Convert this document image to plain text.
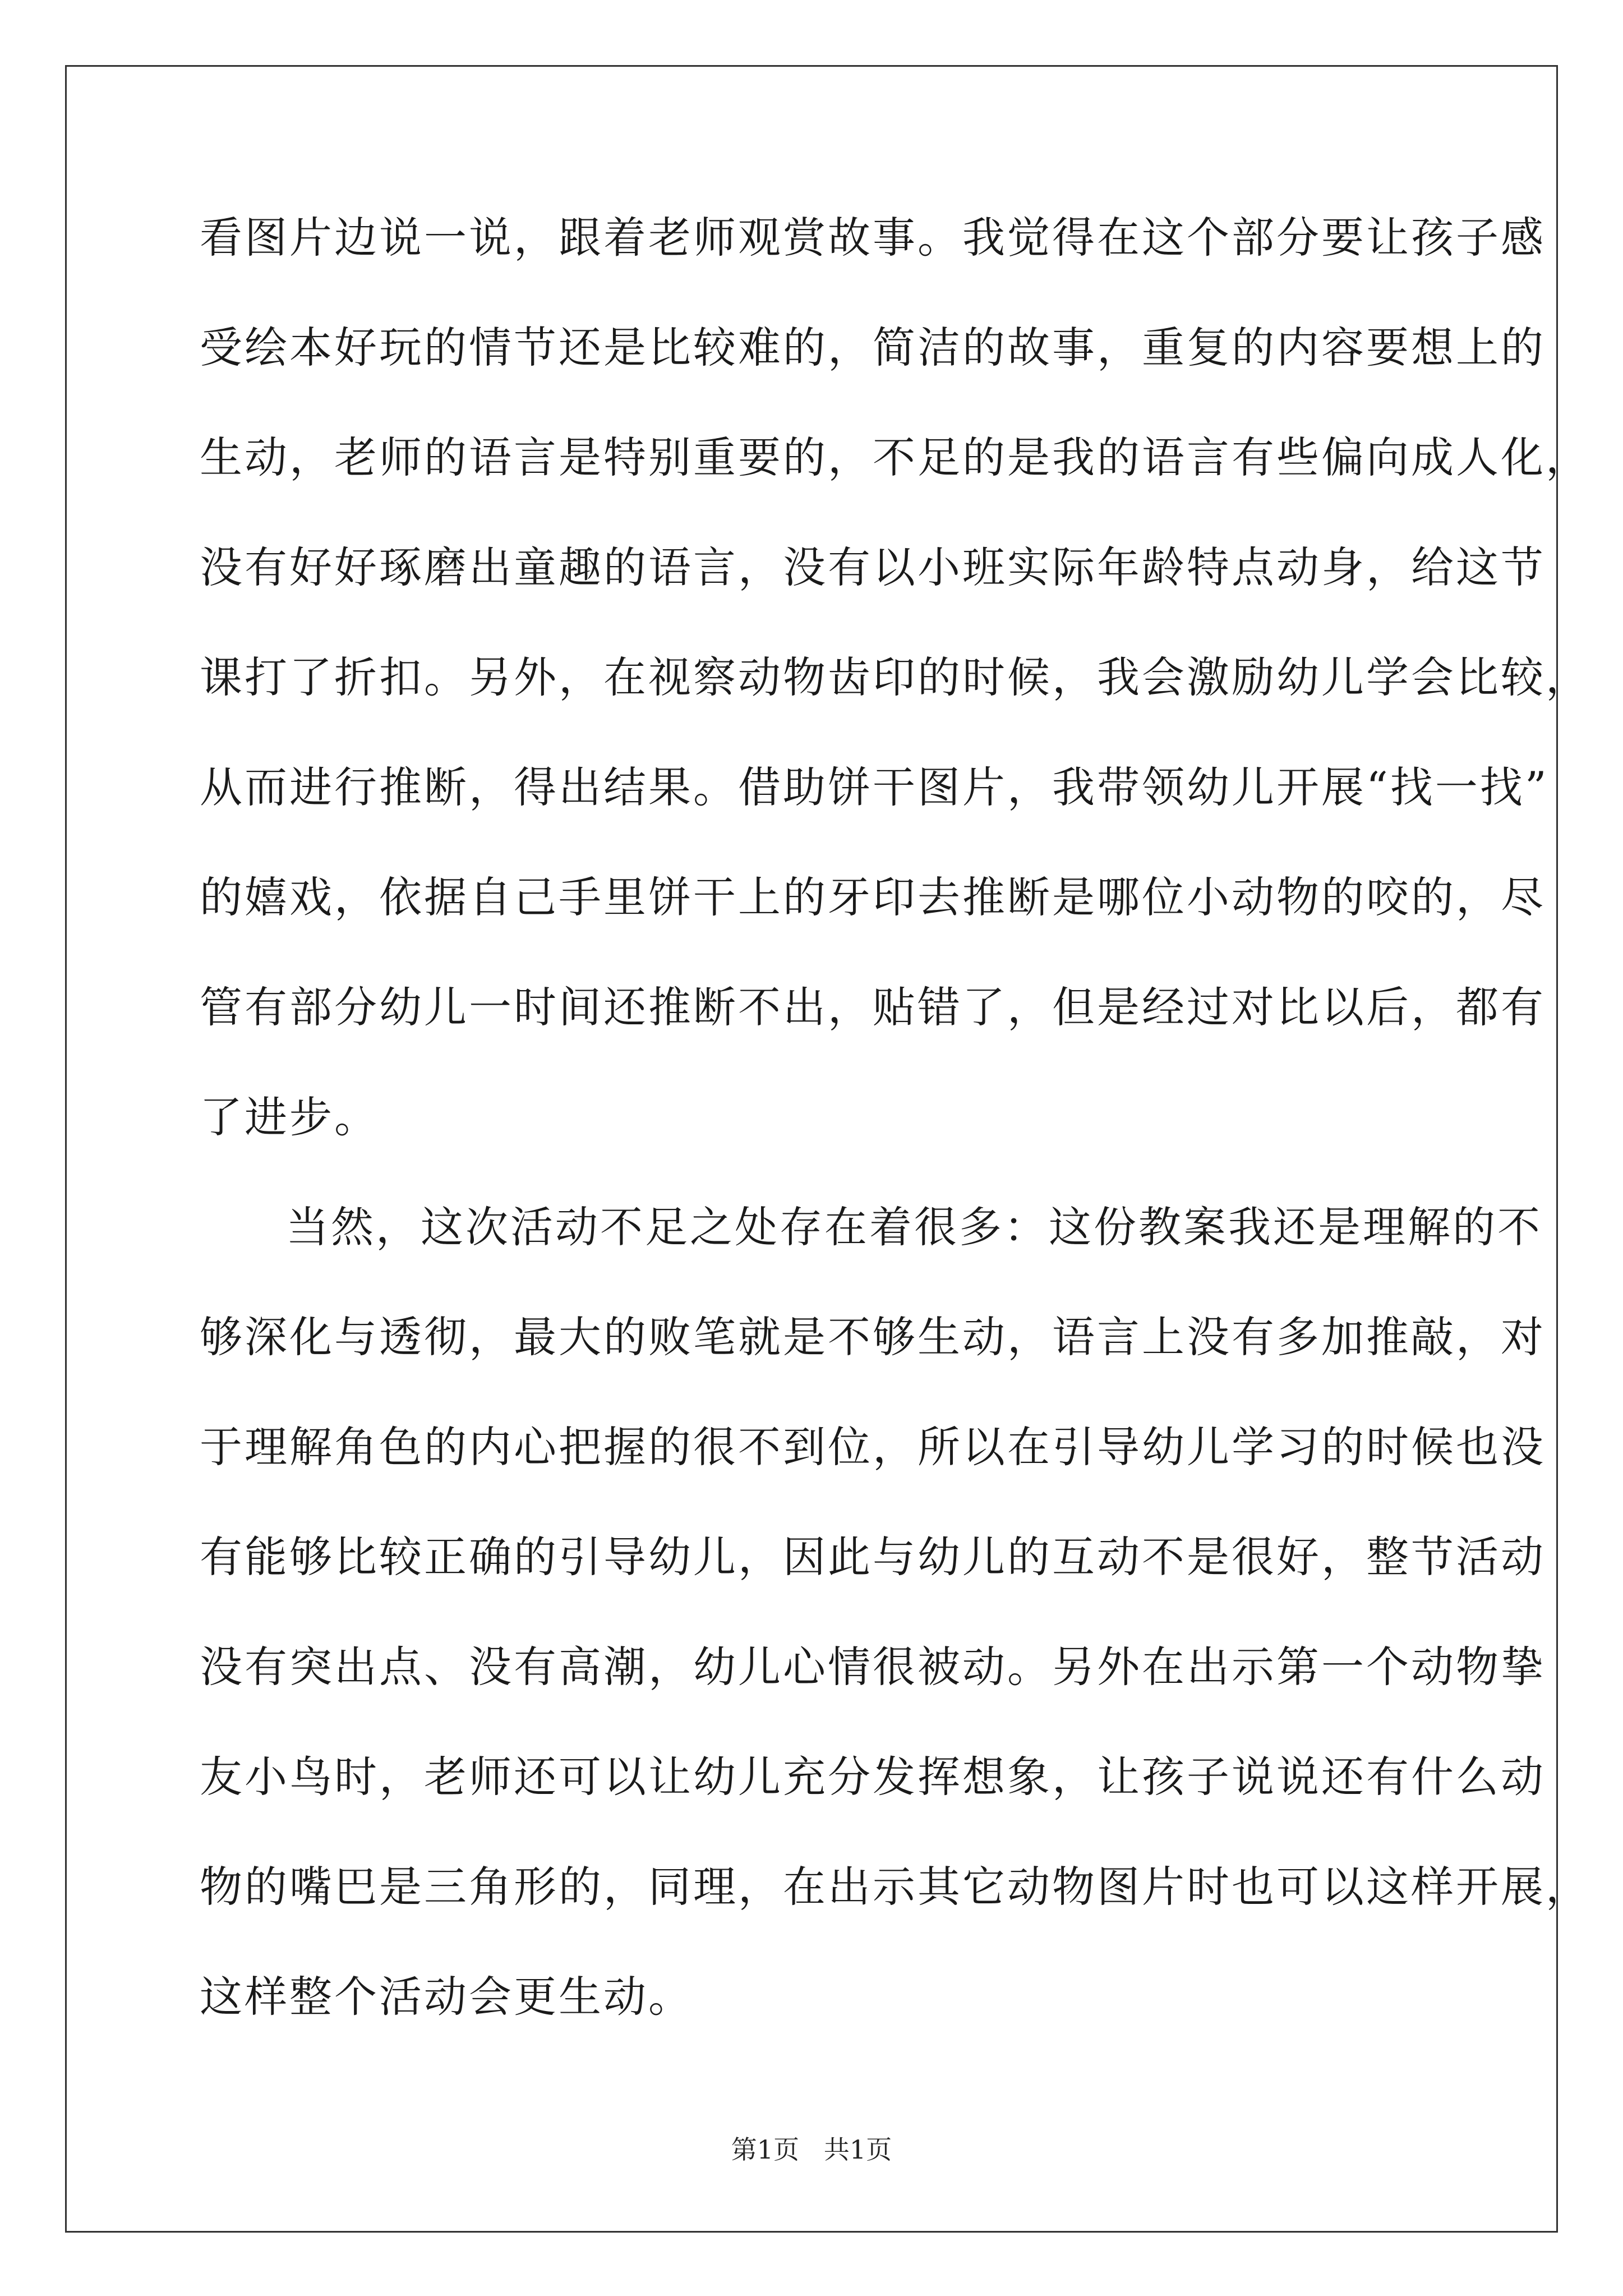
看图片边说一说，跟着老师观赏故事。我觉得在这个部分要让孩子感
受绘本好玩的情节还是比较难的，简洁的故事，重复的内容要想上的
生动，老师的语言是特别重要的，不足的是我的语言有些偏向成人化，
没有好好琢磨出童趣的语言，没有以小班实际年龄特点动身，给这节
课打了折扣。另外，在视察动物齿印的时候，我会激励幼儿学会比较，
从而进行推断，得出结果。借助饼干图片，我带领幼儿开展“找一找”
的嬉戏，依据自己手里饼干上的牙印去推断是哪位小动物的咬的，尽
管有部分幼儿一时间还推断不出，贴错了，但是经过对比以后，都有
了进步。
当然，这次活动不足之处存在着很多：这份教案我还是理解的不
够深化与透彻，最大的败笔就是不够生动，语言上没有多加推敲，对
于理解角色的内心把握的很不到位，所以在引导幼儿学习的时候也没
有能够比较正确的引导幼儿，因此与幼儿的互动不是很好，整节活动
没有突出点、没有高潮，幼儿心情很被动。另外在出示第一个动物挚
友小鸟时，老师还可以让幼儿充分发挥想象，让孩子说说还有什么动
物的嘴巴是三角形的，同理，在出示其它动物图片时也可以这样开展，
这样整个活动会更生动。
第1页   共1页
